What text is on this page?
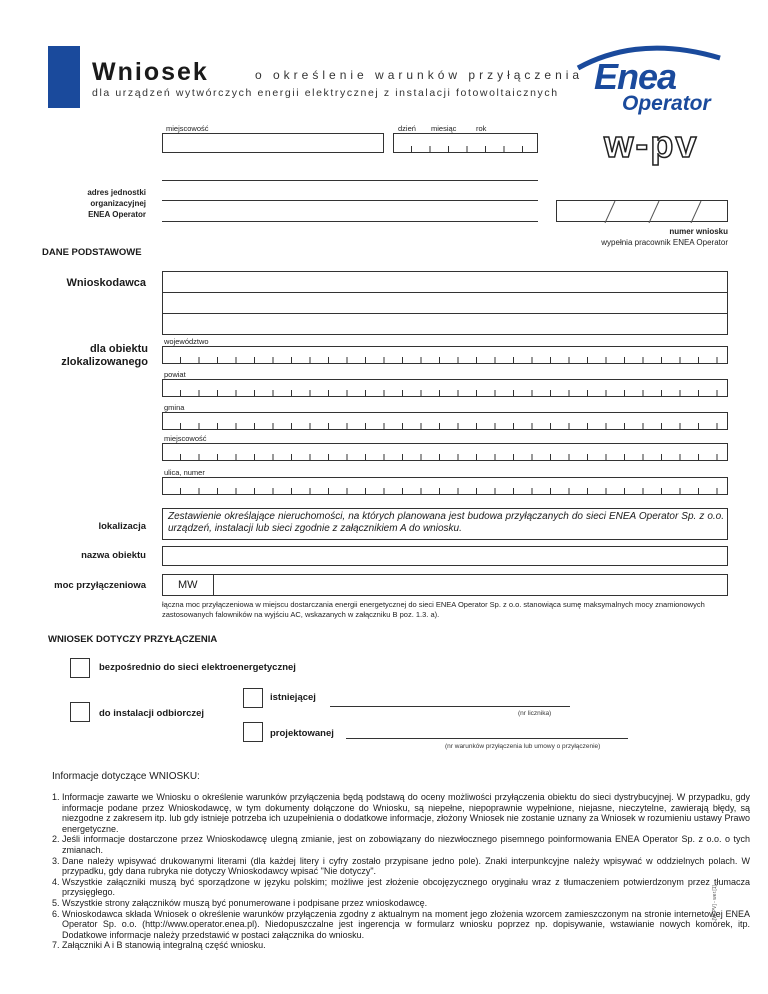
Wniosek	o określenie warunków przyłączenia
dla urządzeń wytwórczych energii elektrycznej z instalacji fotowoltaicznych Enea
Operator
w-pv
miejscowość	dzień miesiąc	rok
adres jednostki organizacyjnej ENEA Operator
numer wniosku
wypełnia pracownik ENEA Operator
DANE PODSTAWOWE
Wnioskodawca
dla obiektu zlokalizowanego
województwo
powiat
gmina
miejscowość
ulica, numer
lokalizacja
Zestawienie określające nieruchomości, na których planowana jest budowa przyłączanych do sieci ENEA Operator Sp. z o.o. urządzeń, instalacji lub sieci zgodnie z załącznikiem A do wniosku.
nazwa obiektu
moc przyłączeniowa	MW
łączna moc przyłączeniowa w miejscu dostarczania energii energetycznej do sieci ENEA Operator Sp. z o.o. stanowiąca sumę maksymalnych mocy znamionowych zastosowanych falowników na wyjściu AC, wskazanych w załączniku B poz. 1.3. a).
WNIOSEK DOTYCZY PRZYŁĄCZENIA
bezpośrednio do sieci elektroenergetycznej
istniejącej
(nr licznika)
do instalacji odbiorczej
projektowanej
(nr warunków przyłączenia lub umowy o przyłączenie)
Informacje dotyczące WNIOSKU:
1. Informacje zawarte we Wniosku o określenie warunków przyłączenia będą podstawą do oceny możliwości przyłączenia obiektu do sieci dystrybucyjnej. W przypadku, gdy informacje podane przez Wnioskodawcę, w tym dokumenty dołączone do Wniosku, są niepełne, niepoprawnie wypełnione, niejasne, nieczytelne, zawierają błędy, są niezgodne z zakresem itp. lub gdy istnieje potrzeba ich uzupełnienia o dodatkowe informacje, złożony Wniosek nie zostanie uznany za Wniosek w rozumieniu ustawy Prawo energetyczne.
2. Jeśli informacje dostarczone przez Wnioskodawcę ulegną zmianie, jest on zobowiązany do niezwłocznego pisemnego poinformowania ENEA Operator Sp. z o.o. o tych zmianach.
3. Dane należy wpisywać drukowanymi literami (dla każdej litery i cyfry zostało przypisane jedno pole). Znaki interpunkcyjne należy wpisywać w oddzielnych polach. W przypadku, gdy dana rubryka nie dotyczy Wnioskodawcy wpisać "Nie dotyczy".
4. Wszystkie załączniki muszą być sporządzone w języku polskim; możliwe jest złożenie obcojęzycznego oryginału wraz z tłumaczeniem potwierdzonym przez tłumacza przysięgłego.
5. Wszystkie strony załączników muszą być ponumerowane i podpisane przez wnioskodawcę.
6. Wnioskodawca składa Wniosek o określenie warunków przyłączenia zgodny z aktualnym na moment jego złożenia wzorcem zamieszczonym na stronie internetowej ENEA Operator Sp. o.o. (http://www.operator.enea.pl). Niedopuszczalne jest ingerencja w formularz wniosku poprzez np. dopisywanie, wstawianie nowych komórek, itp. Dodatkowe informacje należy przedstawić w postaci załącznika do wniosku.
7. Załączniki A i B stanowią integralną część wniosku.
[W-PV] - wer.[1]
